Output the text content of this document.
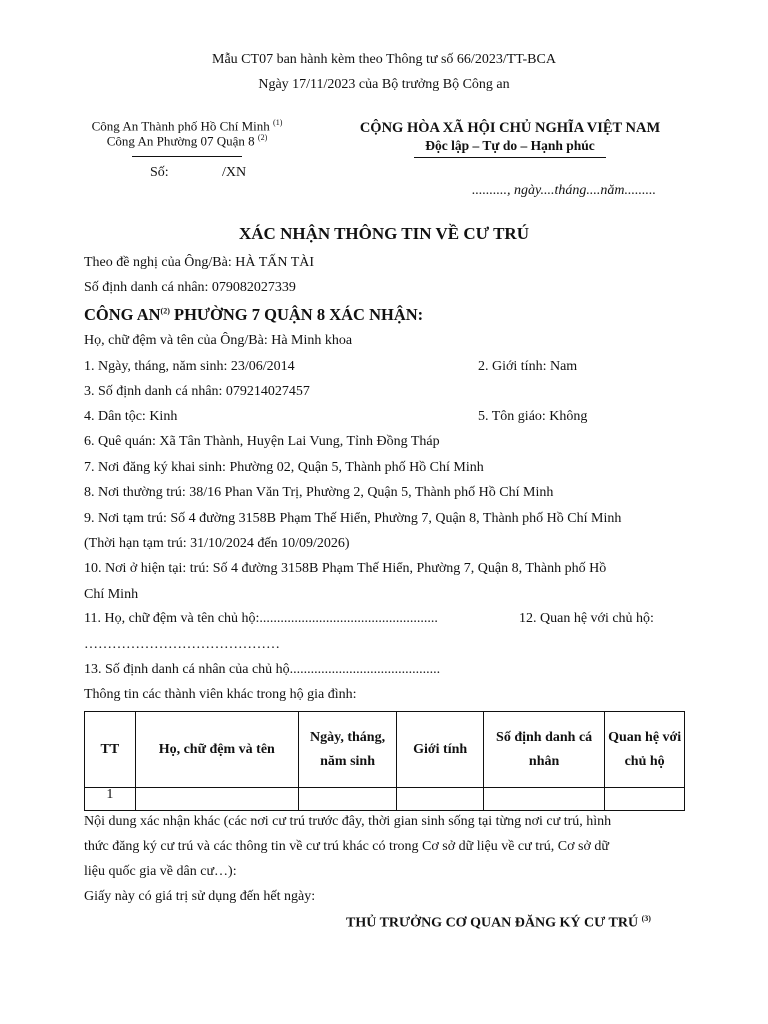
Mẫu CT07 ban hành kèm theo Thông tư số 66/2023/TT-BCA
Ngày 17/11/2023 của Bộ trưởng Bộ Công an
Công An Thành phố Hồ Chí Minh $^{(1)}$
Công An Phường 07 Quận 8 $^{(2)}$
Số:	/XN
CỘNG HÒA XÃ HỘI CHỦ NGHĨA VIỆT NAM
Độc lập – Tự do – Hạnh phúc
.........., ngày....tháng....năm.........
XÁC NHẬN THÔNG TIN VỀ CƯ TRÚ
Theo đề nghị của Ông/Bà: HÀ TẤN TÀI
Số định danh cá nhân: 079082027339
CÔNG AN$^{(2)}$ PHƯỜNG 7 QUẬN 8 XÁC NHẬN:
Họ, chữ đệm và tên của Ông/Bà: Hà Minh khoa
1. Ngày, tháng, năm sinh: 23/06/2014	2. Giới tính: Nam
3. Số định danh cá nhân: 079214027457
4. Dân tộc: Kinh	5. Tôn giáo: Không
6. Quê quán: Xã Tân Thành, Huyện Lai Vung, Tỉnh Đồng Tháp
7. Nơi đăng ký khai sinh: Phường 02, Quận 5, Thành phố Hồ Chí Minh
8. Nơi thường trú: 38/16 Phan Văn Trị, Phường 2, Quận 5, Thành phố Hồ Chí Minh
9. Nơi tạm trú: Số 4 đường 3158B Phạm Thế Hiển, Phường 7, Quận 8, Thành phố Hồ Chí Minh
(Thời hạn tạm trú: 31/10/2024 đến 10/09/2026)
10. Nơi ở hiện tại: trú: Số 4 đường 3158B Phạm Thế Hiển, Phường 7, Quận 8, Thành phố Hồ
Chí Minh
11. Họ, chữ đệm và tên chủ hộ:...................................................	12. Quan hệ với chủ hộ:
……………………………………
13. Số định danh cá nhân của chủ hộ...........................................
Thông tin các thành viên khác trong hộ gia đình:
TT	Họ, chữ đệm và tên	Ngày, tháng, năm sinh	Giới tính	Số định danh cá nhân	Quan hệ với chủ hộ
1					
Nội dung xác nhận khác (các nơi cư trú trước đây, thời gian sinh sống tại từng nơi cư trú, hình
thức đăng ký cư trú và các thông tin về cư trú khác có trong Cơ sở dữ liệu về cư trú, Cơ sở dữ
liệu quốc gia về dân cư…):
Giấy này có giá trị sử dụng đến hết ngày:
THỦ TRƯỞNG CƠ QUAN ĐĂNG KÝ CƯ TRÚ $^{(3)}$
